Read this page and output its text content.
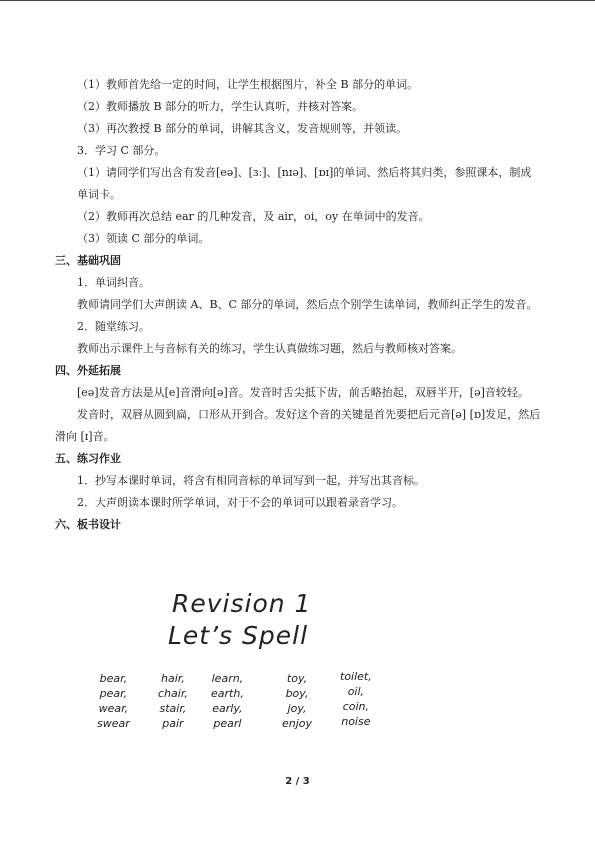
（1）教师首先给一定的时间，让学生根据图片，补全 B 部分的单词。

（2）教师播放 B 部分的听力，学生认真听，并核对答案。

（3）再次教授 B 部分的单词，讲解其含义，发音规则等，并领读。

3．学习 C 部分。

（1）请同学们写出含有发音[eə]、[ɜː]、[nɪə]、[ɒɪ]的单词、然后将其归类，参照课本，制成单词卡。

（2）教师再次总结 ear 的几种发音，及 air，oi，oy 在单词中的发音。

（3）领读 C 部分的单词。

三、基础巩固

1．单词纠音。

教师请同学们大声朗读 A、B、C 部分的单词，然后点个别学生读单词，教师纠正学生的发音。

2．随堂练习。

教师出示课件上与音标有关的练习，学生认真做练习题，然后与教师核对答案。

四、外延拓展

[eə]发音方法是从[e]音滑向[ə]音。发音时舌尖抵下齿，前舌略抬起，双唇半开，[ə]音较轻。

发音时，双唇从圆到扁，口形从开到合。发好这个音的关键是首先要把后元音[ə] [ɒ]发足，然后滑向 [ɪ]音。

五、练习作业

1．抄写本课时单词，将含有相同音标的单词写到一起，并写出其音标。

2．大声朗读本课时所学单词，对于不会的单词可以跟着录音学习。

六、板书设计

Revision 1
Let’s Spell
bear,
pear,
wear,
swear
hair,
chair,
stair,
pair
learn,
earth,
early,
pearl
toy,
boy,
joy,
enjoy
toilet,
oil,
coin,
noise
2 / 3
